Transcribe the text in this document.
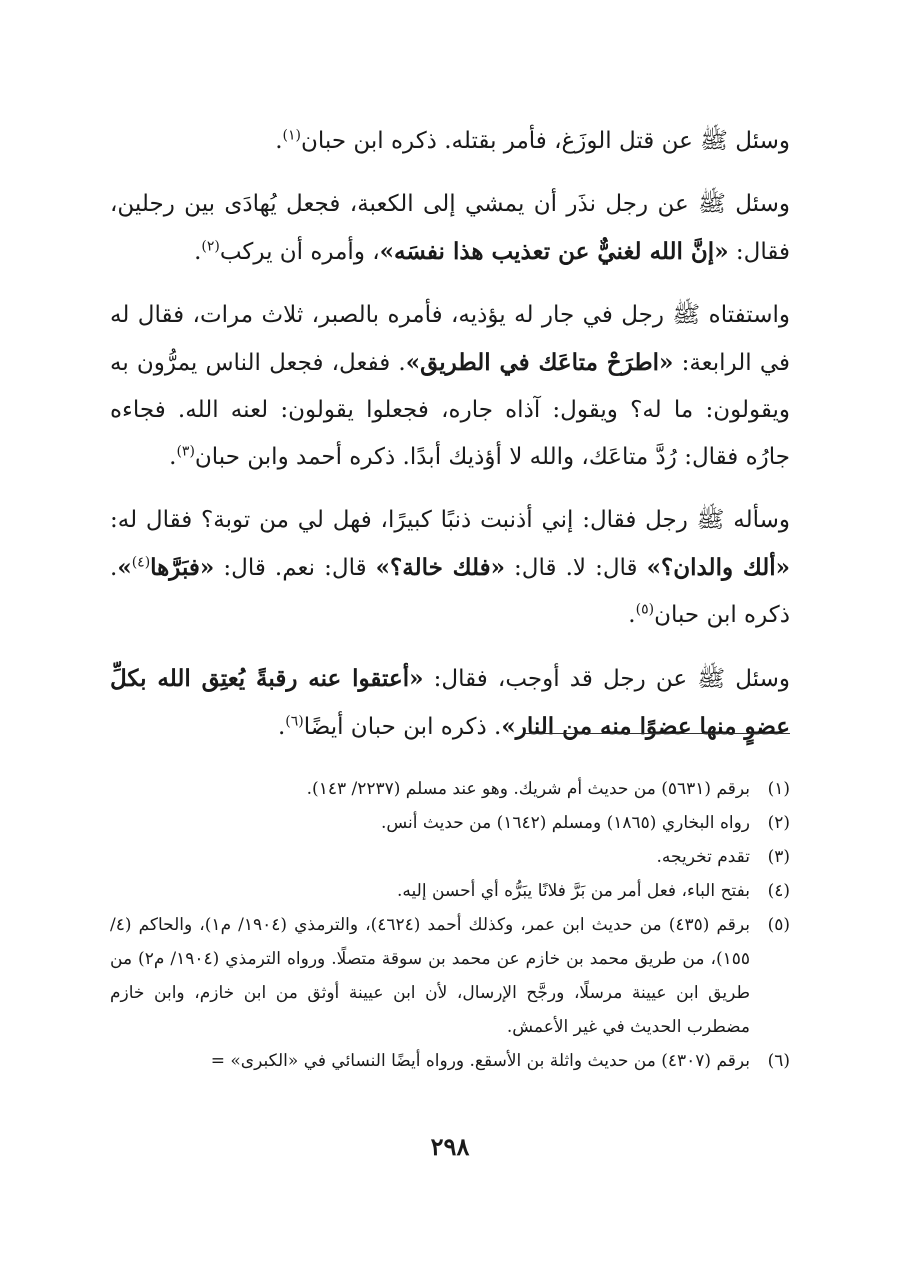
وسئل ﷺ عن قتل الوزَغ، فأمر بقتله. ذكره ابن حبان$^{(١)}$.

وسئل ﷺ عن رجل نذَر أن يمشي إلى الكعبة، فجعل يُهادَى بين رجلين، فقال: «إنَّ الله لغنيٌّ عن تعذيب هذا نفسَه»، وأمره أن يركب$^{(٢)}$.

واستفتاه ﷺ رجل في جار له يؤذيه، فأمره بالصبر، ثلاث مرات، فقال له في الرابعة: «اطرَحْ متاعَك في الطريق». ففعل، فجعل الناس يمرُّون به ويقولون: ما له؟ ويقول: آذاه جاره، فجعلوا يقولون: لعنه الله. فجاءه جارُه فقال: رُدَّ متاعَك، والله لا أؤذيك أبدًا. ذكره أحمد وابن حبان$^{(٣)}$.

وسأله ﷺ رجل فقال: إني أذنبت ذنبًا كبيرًا، فهل لي من توبة؟ فقال له: «ألك والدان؟» قال: لا. قال: «فلك خالة؟» قال: نعم. قال: «فبَرَّها$^{(٤)}$». ذكره ابن حبان$^{(٥)}$.

وسئل ﷺ عن رجل قد أوجب، فقال: «أعتقوا عنه رقبةً يُعتِق الله بكلِّ عضوٍ منها عضوًا منه من النار». ذكره ابن حبان أيضًا$^{(٦)}$.

(١)
برقم (٥٦٣١) من حديث أم شريك. وهو عند مسلم (٢٢٣٧/ ١٤٣).
(٢)
رواه البخاري (١٨٦٥) ومسلم (١٦٤٢) من حديث أنس.
(٣)
تقدم تخريجه.
(٤)
بفتح الباء، فعل أمر من بَرَّ فلانًا يبَرُّه أي أحسن إليه.
(٥)
برقم (٤٣٥) من حديث ابن عمر، وكذلك أحمد (٤٦٢٤)، والترمذي (١٩٠٤/ م١)، والحاكم (٤/ ١٥٥)، من طريق محمد بن خازم عن محمد بن سوقة متصلًا. ورواه الترمذي (١٩٠٤/ م٢) من طريق ابن عيينة مرسلًا، ورجَّح الإرسال، لأن ابن عيينة أوثق من ابن خازم، وابن خازم مضطرب الحديث في غير الأعمش.
(٦)
برقم (٤٣٠٧) من حديث واثلة بن الأسقع. ورواه أيضًا النسائي في «الكبرى» =
٢٩٨
